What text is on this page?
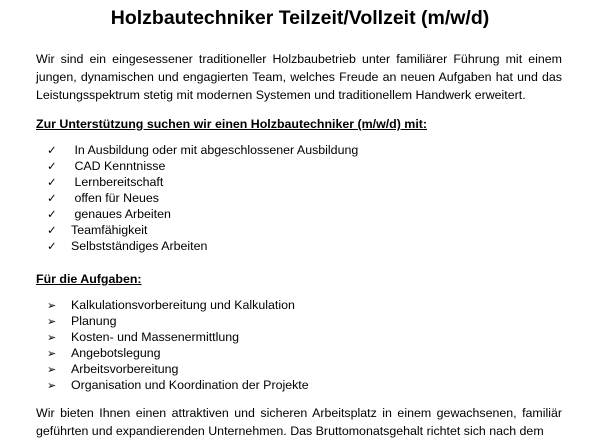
Holzbautechniker Teilzeit/Vollzeit (m/w/d)
Wir sind ein eingesessener traditioneller Holzbaubetrieb unter familiärer Führung mit einem jungen, dynamischen und engagierten Team, welches Freude an neuen Aufgaben hat und das Leistungsspektrum stetig mit modernen Systemen und traditionellem Handwerk erweitert.
Zur Unterstützung suchen wir einen Holzbautechniker (m/w/d) mit:
✓ In Ausbildung oder mit abgeschlossener Ausbildung
✓ CAD Kenntnisse
✓ Lernbereitschaft
✓ offen für Neues
✓ genaues Arbeiten
✓ Teamfähigkeit
✓ Selbstständiges Arbeiten
Für die Aufgaben:
➢ Kalkulationsvorbereitung und Kalkulation
➢ Planung
➢ Kosten- und Massenermittlung
➢ Angebotslegung
➢ Arbeitsvorbereitung
➢ Organisation und Koordination der Projekte
Wir bieten Ihnen einen attraktiven und sicheren Arbeitsplatz in einem gewachsenen, familiär geführten und expandierenden Unternehmen. Das Bruttomonatsgehalt richtet sich nach dem
